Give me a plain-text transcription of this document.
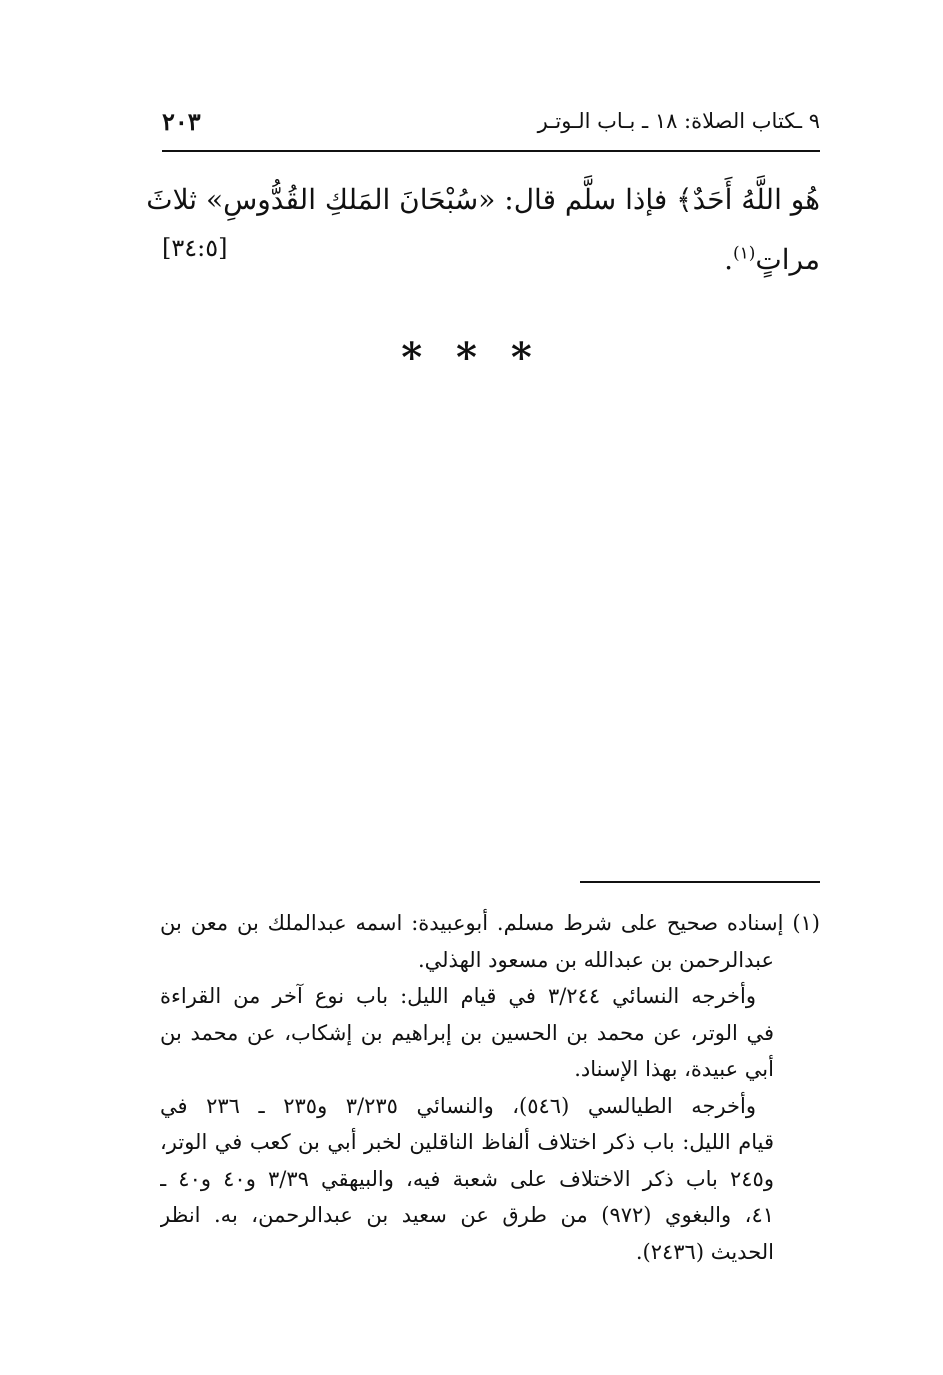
٢٠٣	٩ ـكتاب الصلاة: ١٨ ـ بـاب الـوتـر
هُو اللَّهُ أَحَدٌ﴾ فإذا سلَّم قال: «سُبْحَانَ المَلكِ القُدُّوسِ» ثلاثَ
مراتٍ$^{(١)}$.
[٣٤:٥]
* * *
(١) إسناده صحيح على شرط مسلم. أبوعبيدة: اسمه عبدالملك بن معن بن
عبدالرحمن بن عبدالله بن مسعود الهذلي.
وأخرجه النسائي ٣/٢٤٤ في قيام الليل: باب نوع آخر من القراءة
في الوتر، عن محمد بن الحسين بن إبراهيم بن إشكاب، عن محمد بن
أبي عبيدة، بهذا الإسناد.
وأخرجه الطيالسي (٥٤٦)، والنسائي ٣/٢٣٥ و٢٣٥ ـ ٢٣٦ في
قيام الليل: باب ذكر اختلاف ألفاظ الناقلين لخبر أبي بن كعب في الوتر،
و٢٤٥ باب ذكر الاختلاف على شعبة فيه، والبيهقي ٣/٣٩ و٤٠ و٤٠ ـ
٤١، والبغوي (٩٧٢) من طرق عن سعيد بن عبدالرحمن، به. انظر
الحديث (٢٤٣٦).
